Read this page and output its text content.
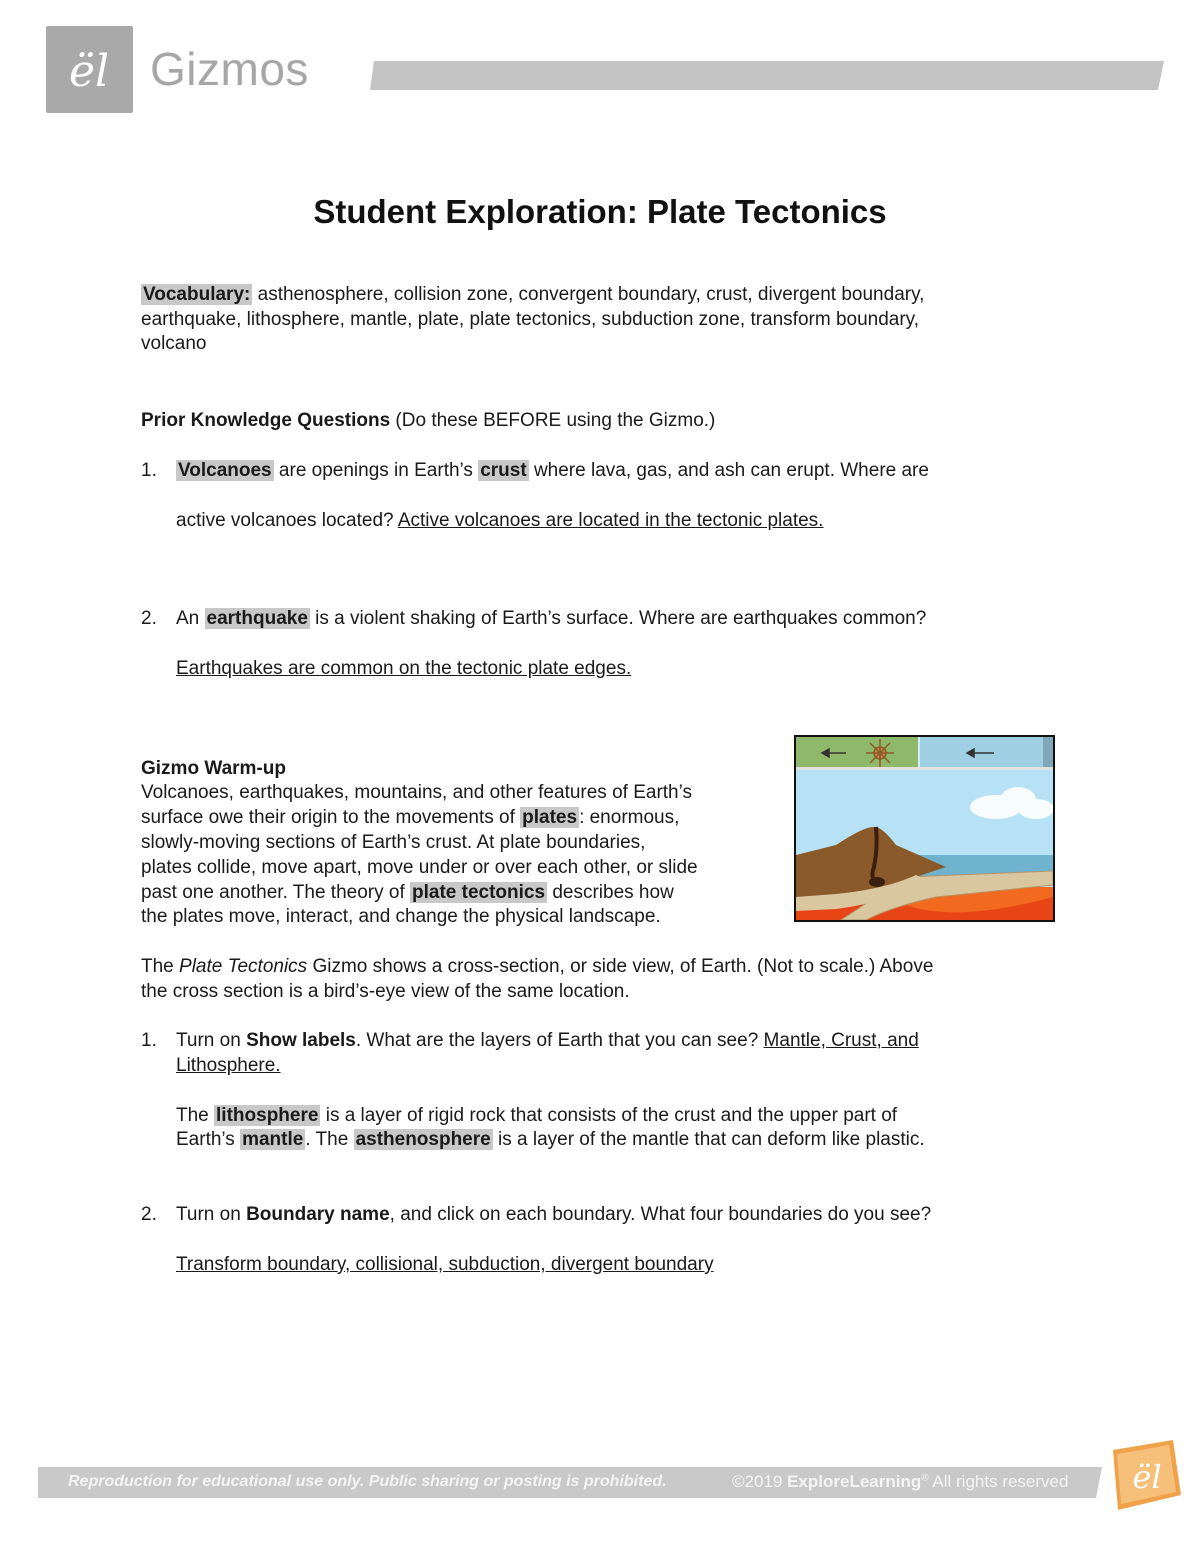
ël Gizmos
Student Exploration: Plate Tectonics
Vocabulary: asthenosphere, collision zone, convergent boundary, crust, divergent boundary,
earthquake, lithosphere, mantle, plate, plate tectonics, subduction zone, transform boundary,
volcano
Prior Knowledge Questions (Do these BEFORE using the Gizmo.)
1. Volcanoes are openings in Earth’s crust where lava, gas, and ash can erupt. Where are
active volcanoes located? Active volcanoes are located in the tectonic plates.
2. An earthquake is a violent shaking of Earth’s surface. Where are earthquakes common?
Earthquakes are common on the tectonic plate edges.
Gizmo Warm-up
Volcanoes, earthquakes, mountains, and other features of Earth’s
surface owe their origin to the movements of plates : enormous,
slowly-moving sections of Earth’s crust. At plate boundaries,
plates collide, move apart, move under or over each other, or slide
past one another. The theory of plate tectonics describes how
the plates move, interact, and change the physical landscape.
The Plate Tectonics Gizmo shows a cross-section, or side view, of Earth. (Not to scale.) Above
the cross section is a bird’s-eye view of the same location.
1. Turn on Show labels. What are the layers of Earth that you can see? Mantle, Crust, and
Lithosphere.
The lithosphere is a layer of rigid rock that consists of the crust and the upper part of
Earth’s mantle . The asthenosphere is a layer of the mantle that can deform like plastic.
2. Turn on Boundary name, and click on each boundary. What four boundaries do you see?
Transform boundary, collisional, subduction, divergent boundary
Reproduction for educational use only. Public sharing or posting is prohibited.	©2019 ExploreLearning® All rights reserved ël
